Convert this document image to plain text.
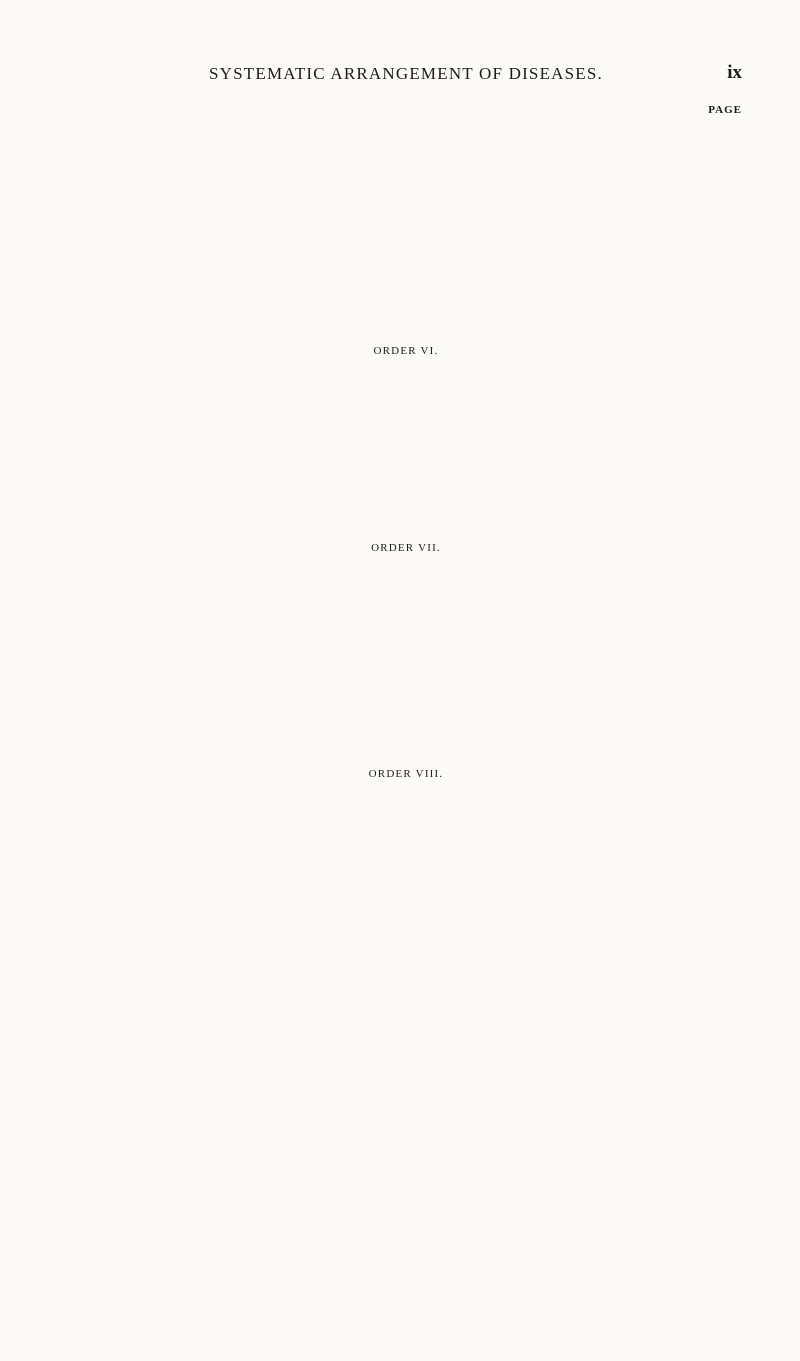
SYSTEMATIC ARRANGEMENT OF DISEASES.	ix
PAGE
ORDER VI.
ORDER VII.
ORDER VIII.
